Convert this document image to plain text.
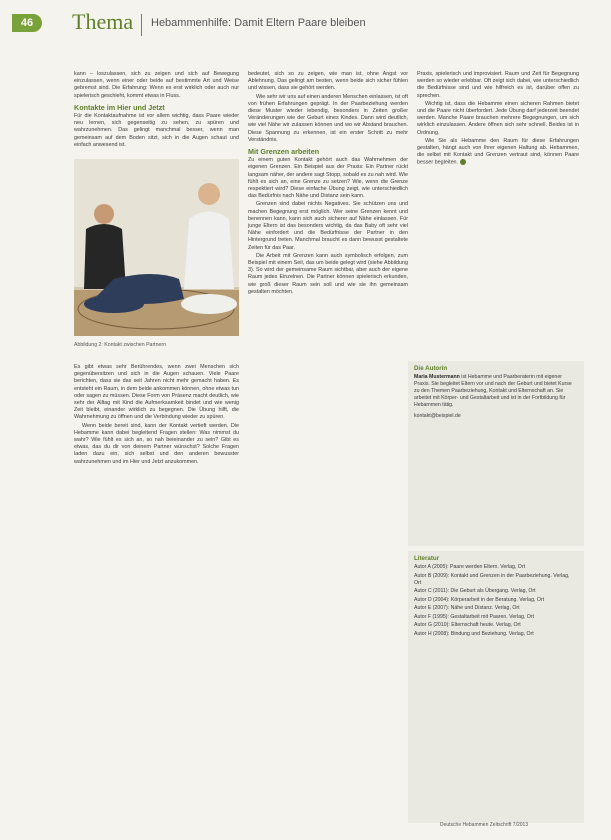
46	Thema Hebammenhilfe: Damit Eltern Paare bleiben

kann – loszulassen, sich zu zeigen und sich auf Bewegung einzulassen, wenn einer oder beide auf bestimmte Art und Weise gebremst sind. Die Erfahrung: Wenn es erst wirklich oder auch nur spielerisch geschieht, kommt etwas in Fluss.

Kontakte im Hier und Jetzt

Für die Kontaktaufnahme ist vor allem wichtig, dass Paare wieder neu lernen, sich gegenseitig zu sehen, zu spüren und wahrzunehmen. Das gelingt manchmal besser, wenn man gemeinsam auf dem Boden sitzt, sich in die Augen schaut und einfach anwesend ist.

Abbildung 2: Kontakt zwischen Partnern

Es gibt etwas sehr Berührendes, wenn zwei Menschen sich gegenübersitzen und sich in die Augen schauen. Viele Paare berichten, dass sie das seit Jahren nicht mehr gemacht haben. Es entsteht ein Raum, in dem beide ankommen können, ohne etwas tun oder sagen zu müssen. Diese Form von Präsenz macht deutlich, wie sehr der Alltag mit Kind die Aufmerksamkeit bindet und wie wenig Zeit bleibt, einander wirklich zu begegnen. Die Übung hilft, die Wahrnehmung zu öffnen und die Verbindung wieder zu spüren.

Wenn beide bereit sind, kann der Kontakt vertieft werden. Die Hebamme kann dabei begleitend Fragen stellen: Was nimmst du wahr? Wie fühlt es sich an, so nah beieinander zu sein? Gibt es etwas, das du dir von deinem Partner wünschst? Solche Fragen laden dazu ein, sich selbst und den anderen bewusster wahrzunehmen und im Hier und Jetzt anzukommen.

bedeutet, sich so zu zeigen, wie man ist, ohne Angst vor Ablehnung. Das gelingt am besten, wenn beide sich sicher fühlen und wissen, dass sie gehört werden.

Wie sehr wir uns auf einen anderen Menschen einlassen, ist oft von frühen Erfahrungen geprägt. In der Paarbeziehung werden diese Muster wieder lebendig, besonders in Zeiten großer Veränderungen wie der Geburt eines Kindes. Dann wird deutlich, wie viel Nähe wir zulassen können und wo wir Abstand brauchen. Diese Spannung zu erkennen, ist ein erster Schritt zu mehr Verständnis.

Mit Grenzen arbeiten

Zu einem guten Kontakt gehört auch das Wahrnehmen der eigenen Grenzen. Ein Beispiel aus der Praxis: Ein Partner rückt langsam näher, der andere sagt Stopp, sobald es zu nah wird. Wie fühlt es sich an, eine Grenze zu setzen? Wie, wenn die Grenze respektiert wird? Diese einfache Übung zeigt, wie unterschiedlich das Bedürfnis nach Nähe und Distanz sein kann.

Grenzen sind dabei nichts Negatives. Sie schützen uns und machen Begegnung erst möglich. Wer seine Grenzen kennt und benennen kann, kann sich auch sicherer auf Nähe einlassen. Für junge Eltern ist das besonders wichtig, da das Baby oft sehr viel Nähe einfordert und die Bedürfnisse der Partner in den Hintergrund treten. Manchmal braucht es dann bewusst gestaltete Zeiten für das Paar.

Die Arbeit mit Grenzen kann auch symbolisch erfolgen, zum Beispiel mit einem Seil, das um beide gelegt wird (siehe Abbildung 3). So wird der gemeinsame Raum sichtbar, aber auch der eigene Raum jedes Einzelnen. Die Partner können spielerisch erkunden, wie groß dieser Raum sein soll und wie sie ihn gemeinsam gestalten möchten.

Praxis, spielerisch und improvisiert. Raum und Zeit für Begegnung werden so wieder erlebbar. Oft zeigt sich dabei, wie unterschiedlich die Bedürfnisse sind und wie hilfreich es ist, darüber offen zu sprechen.

Wichtig ist, dass die Hebamme einen sicheren Rahmen bietet und die Paare nicht überfordert. Jede Übung darf jederzeit beendet werden. Manche Paare brauchen mehrere Begegnungen, um sich wirklich einzulassen. Andere öffnen sich sehr schnell. Beides ist in Ordnung.

Wie Sie als Hebamme den Raum für diese Erfahrungen gestalten, hängt auch von Ihrer eigenen Haltung ab. Hebammen, die selbst mit Kontakt und Grenzen vertraut sind, können Paare besser begleiten.

Die Autorin

Maria Mustermann ist Hebamme und Paarberaterin mit eigener Praxis. Sie begleitet Eltern vor und nach der Geburt und bietet Kurse zu den Themen Paarbeziehung, Kontakt und Elternschaft an. Sie arbeitet mit Körper- und Gestaltarbeit und ist in der Fortbildung für Hebammen tätig.

kontakt@beispiel.de

Literatur

Autor A (2005): Paare werden Eltern. Verlag, Ort

Autor B (2009): Kontakt und Grenzen in der Paarbeziehung. Verlag, Ort

Autor C (2011): Die Geburt als Übergang. Verlag, Ort

Autor D (2004): Körperarbeit in der Beratung. Verlag, Ort

Autor E (2007): Nähe und Distanz. Verlag, Ort

Autor F (1995): Gestaltarbeit mit Paaren. Verlag, Ort

Autor G (2010): Elternschaft heute. Verlag, Ort

Autor H (2008): Bindung und Beziehung. Verlag, Ort

Deutsche Hebammen Zeitschrift 7/2013
